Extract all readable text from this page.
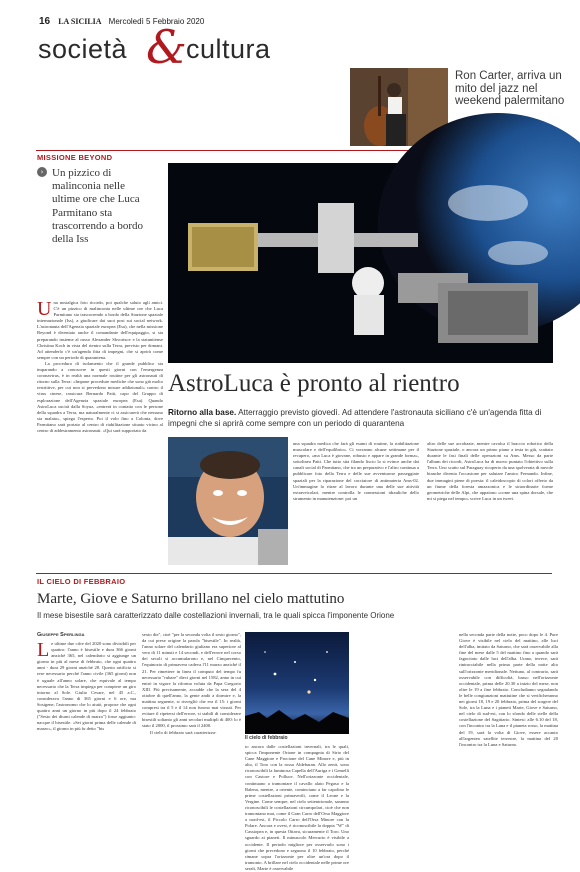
16 LA SICILIA Mercoledì 5 Febbraio 2020
società & cultura
Ron Carter, arriva un mito del jazz nel weekend palermitano
MISSIONE BEYOND
› Un pizzico di malinconia nelle ultime ore che Luca Parmitano sta trascorrendo a bordo della Iss
U na nostalgica foto ricordo, poi qualche saluto agli amici. C'è un pizzico di malinconia nelle ultime ore che Luca Parmitano sta trascorrendo a bordo della Stazione spaziale internazionale (Iss), a giudicare dai suoi post sui social network. L'astronauta dell'Agenzia spaziale europea (Esa), che nella missione Beyond è diventato anche il comandante dell'equipaggio, si sta preparando insieme al russo Alexander Skvortsov e la statunitense Christina Koch in vista del rientro sulla Terra, previsto per domani. Ad attenderlo c'è un'agenda fitta di impegni, che si aprirà come sempre con un periodo di quarantena.
La procedura di isolamento che il grande pubblico sta imparando a conoscere in questi giorni con l'emergenza coronavirus, è in realtà una normale routine per gli astronauti di ritorno sulla Terra: «Impone procedure mediche che sono già molto restrittive, per cui non si prevedono misure addizionali» contro il virus cinese, rassicura Bernardo Patti, capo del Gruppo di esplorazione dell'Agenzia spaziale europea (Esa). Quando AstroLuca uscirà dalla Soyuz, «entrerà in contatto con le persone della squadra a Terra, ma naturalmente ci si assicurerà che nessuno sia malato», spiega l'esperto. Poi il volo fino a Colonia, dove Parmitano sarà portato al centro di riabilitazione situato vicino al centro di addestramento astronauti. «Qui sarà supportato da
AstroLuca è pronto al rientro
Ritorno alla base. Atterraggio previsto giovedì. Ad attendere l'astronauta siciliano c'è un'agenda fitta di impegni che si aprirà come sempre con un periodo di quarantena
una squadra medica che farà gli esami di routine, la riabilitazione muscolare e dell'equilibrio». Ci vorranno alcune settimane per il recupero, «ma Luca è giovane, robusto e appare in grande forma», sottolinea Patti. Che tutto stia filando liscio lo si evince anche dai canali social di Parmitano, che tra un preparativo e l'altro continua a pubblicare foto della Terra e delle sue avventurose passeggiate spaziali per la riparazione del cacciatore di antimateria Ams-02. Un'immagine lo ritrae al lavoro durante una delle sue attività extraveicolari, mentre controlla le connessioni idrauliche dello strumento in manutenzione: poi un
altro delle sue acrobazie, mentre cavalca il braccio robotico della Stazione spaziale, o ancora un primo piano a testa in giù, scattato durante le fasi finali delle operazioni su Ams. Messo da parte l'album dei ricordi, AstroLuca ha di nuovo puntato l'obiettivo sulla Terra. Uno scatto sul Paraguay ricoperto da una spolverata di nuvole bianche diventa l'occasione per salutare l'amico Fernando. Infine, due immagini piene di poesia: il caleidoscopio di colori offerto da un fiume della foresta amazzonica e le straordinarie forme geometriche delle Alpi, che appaiono «come una spina dorsale, che mi si piega nel tempo» scrive Luca in un tweet.
IL CIELO DI FEBBRAIO
Marte, Giove e Saturno brillano nel cielo mattutino
Il mese bisestile sarà caratterizzato dalle costellazioni invernali, tra le quali spicca l'imponente Orione
Giuseppe Sperlinga
L e ultime due cifre del 2020 sono divisibili per quattro: l'anno è bisestile e dura 366 giorni anziché 365, nel calendario si aggiunge un giorno in più al mese di febbraio, che ogni quattro anni - dura 29 giorni anziché 28. Questo artificio si rese necessario perché l'anno civile (365 giorni) non è uguale all'anno solare, che equivale al tempo necessario che la Terra impiega per compiere un giro intorno al Sole. Giulio Cesare, nel 45 a.C., considerava l'anno di 365 giorni e 6 ore, ma Sosigene, l'astronomo che lo aiutò, propose che ogni quattro anni un giorno in più dopo il 24 febbraio ("Sesto dei diurni calende di marzo") fosse aggiunto: nacque il bisestile. «Sei giorni prima delle calende di marzo», il giorno in più fu detto "bis
sexto die", cioè "per la seconda volta il sesto giorno", da cui prese origine la parola "bisestile". In realtà, l'anno solare del calendario giuliano era superiore al vero di 11 minuti e 14 secondi, e dell'errore nel corso dei secoli si accumularono e, nel Cinquecento, l'equinozio di primavera cadeva l'11 marzo anziché il 21. Per rimettere in linea il computo del tempo fu necessario "rubare" dieci giorni nel 1582, anno in cui entrò in vigore la riforma voluta da Papa Gregorio XIII. Più precisamente, accadde che la sera del 4 ottobre di quell'anno, la gente andò a dormire e, la mattina seguente, si risvegliò che era il 15: i giorni compresi tra il 5 e il 14 non furono mai vissuti. Per evitare il ripetersi dell'errore, si stabilì di considerare bisestili soltanto gli anni secolari multipli di 400: lo è stato il 2000, il prossimo sarà il 2400.
Il cielo di febbraio sarà caratterizza-
Il cielo di febbraio
to ancora dalle costellazioni invernali, tra le quali, spicca l'imponente Orione in compagnia di Sirio del Cane Maggiore e Procione del Cane Minore e, più in alto, il Toro con la rossa Aldebaran. Allo zenit, sono riconoscibili la luminosa Capella dell'Auriga e i Gemelli con Castore e Polluce. Nell'orizzonte occidentale, continuano a tramontare il cavallo alato Pegaso e la Balena, mentre, a oriente, cominciano a far capolino le prime costellazioni primaverili, come il Leone e la Vergine. Come sempre, nel cielo settentrionale, saranno riconoscibili le costellazioni circumpolari, cioè che non tramontano mai, come il Gran Carro dell'Orsa Maggiore a nord-est, il Piccolo Carro dell'Orsa Minore con la Polare. Ancora e ovest, è riconoscibile la doppia "W" di Cassiopea e, in questa Ottava, sicuramente il Toro. Uno sguardo ai pianeti. Il minuscolo Mercurio è visibile a occidente. Il periodo migliore per osservarlo sono i giorni che precedono e seguono il 10 febbraio, perché rimane sopra l'orizzonte per oltre un'ora dopo il tramonto. A brillare nel cielo occidentale nelle prime ore serali, Marte è osservabile
nella seconda parte della notte, poco dopo le 4. Pure Giove è visibile nel cielo del mattino, alle luci dell'alba, imitato da Saturno, che sarà osservabile alla fine del mese dalle 5 del mattino fino a quando sarà fagocitato dalle luci dell'alba. Urano, invece, sarà rintracciabile nella prima parte della notte alto sull'orizzonte meridionale. Nettuno, al contrario, sarà osservabile con difficoltà, basso nell'orizzonte occidentale, prima delle 20.30 a inizio del mese, non oltre le 19 a fine febbraio. Concludiamo segnalando le belle congiunzioni mattutine che si verificheranno nei giorni 18, 19 e 20 febbraio, prima del sorgere del Sole, tra la Luna e i pianeti Marte, Giove e Saturno, nel cielo di sud-est, con lo sfondo delle stelle della costellazione del Sagittario. Sintesi: alle 6.10 del 18, con l'incontro tra la Luna e il pianeta rosso, la mattina del 19, sarà la volta di Giove, essere accanto all'argenteo satellite terrestre, la mattina del 20 l'incontro tra la Luna e Saturno.
